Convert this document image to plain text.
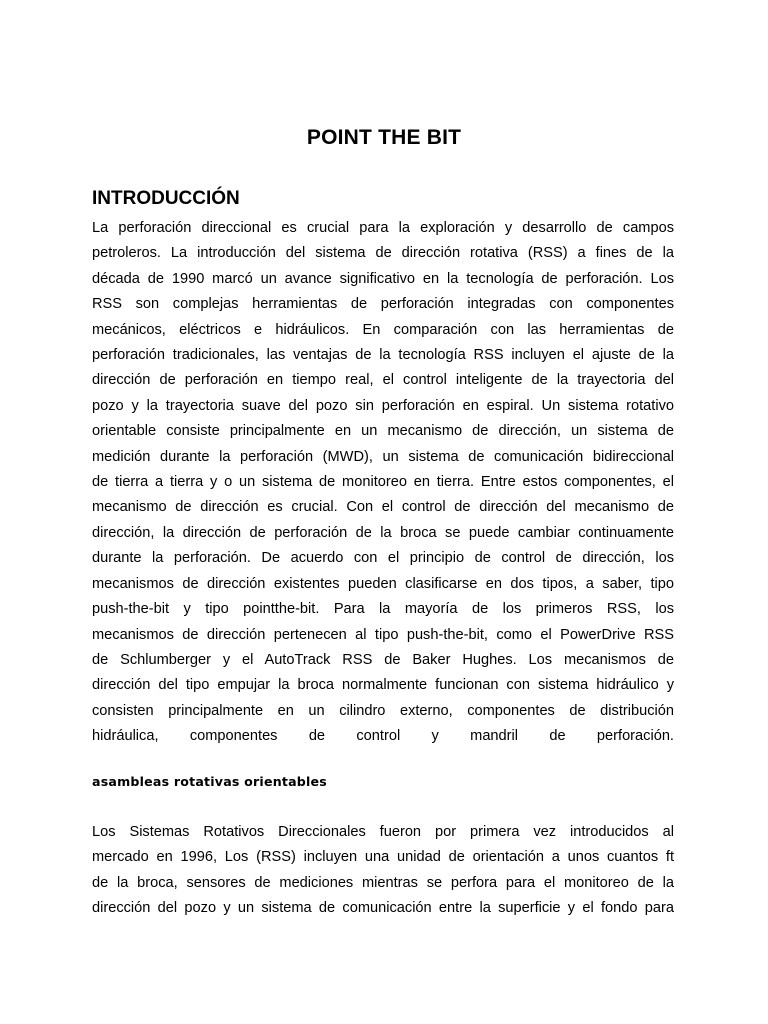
POINT THE BIT
INTRODUCCIÓN
La perforación direccional es crucial para la exploración y desarrollo de campos
petroleros. La introducción del sistema de dirección rotativa (RSS) a fines de la
década de 1990 marcó un avance significativo en la tecnología de perforación. Los
RSS son complejas herramientas de perforación integradas con componentes
mecánicos, eléctricos e hidráulicos. En comparación con las herramientas de
perforación tradicionales, las ventajas de la tecnología RSS incluyen el ajuste de la
dirección de perforación en tiempo real, el control inteligente de la trayectoria del
pozo y la trayectoria suave del pozo sin perforación en espiral. Un sistema rotativo
orientable consiste principalmente en un mecanismo de dirección, un sistema de
medición durante la perforación (MWD), un sistema de comunicación bidireccional
de tierra a tierra y o un sistema de monitoreo en tierra. Entre estos componentes, el
mecanismo de dirección es crucial. Con el control de dirección del mecanismo de
dirección, la dirección de perforación de la broca se puede cambiar continuamente
durante la perforación. De acuerdo con el principio de control de dirección, los
mecanismos de dirección existentes pueden clasificarse en dos tipos, a saber, tipo
push-the-bit y tipo pointthe-bit. Para la mayoría de los primeros RSS, los
mecanismos de dirección pertenecen al tipo push-the-bit, como el PowerDrive RSS
de Schlumberger y el AutoTrack RSS de Baker Hughes. Los mecanismos de
dirección del tipo empujar la broca normalmente funcionan con sistema hidráulico y
consisten principalmente en un cilindro externo, componentes de distribución
hidráulica, componentes de control y mandril de perforación.
asambleas rotativas orientables
Los Sistemas Rotativos Direccionales fueron por primera vez introducidos al
mercado en 1996, Los (RSS) incluyen una unidad de orientación a unos cuantos ft
de la broca, sensores de mediciones mientras se perfora para el monitoreo de la
dirección del pozo y un sistema de comunicación entre la superficie y el fondo para
